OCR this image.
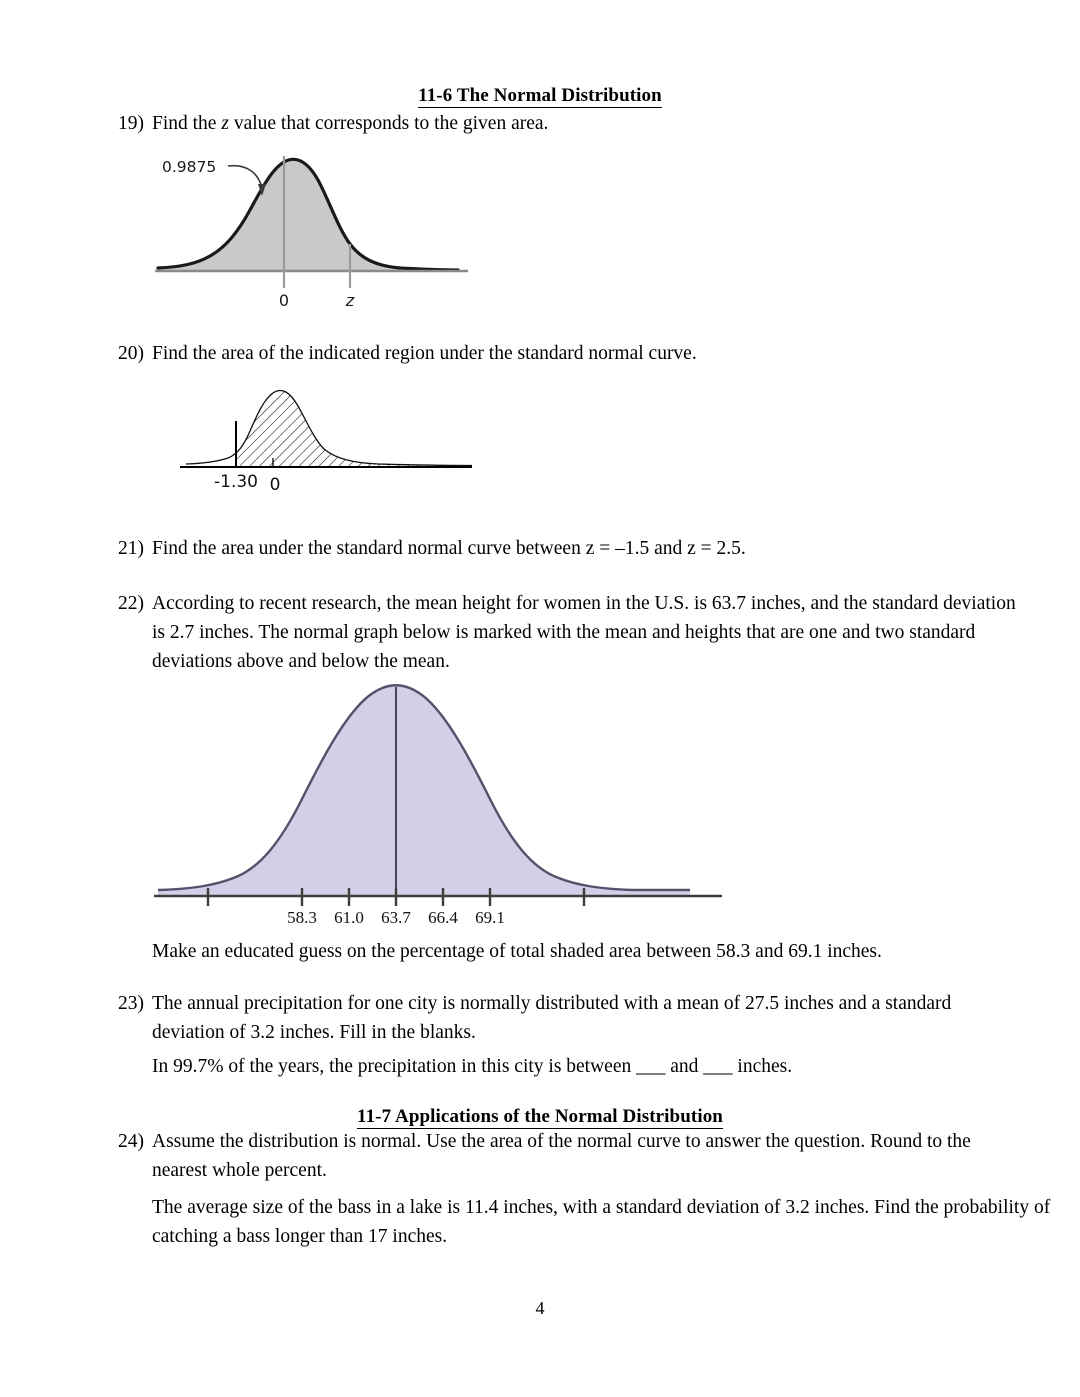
11-6 The Normal Distribution
19) Find the z value that corresponds to the given area.
0.9875
0	z
20) Find the area of the indicated region under the standard normal curve.
-1.30 0
21) Find the area under the standard normal curve between z = –1.5 and z = 2.5.
22) According to recent research, the mean height for women in the U.S. is 63.7 inches, and the standard deviation is 2.7 inches. The normal graph below is marked with the mean and heights that are one and two standard deviations above and below the mean.
58.3 61.0 63.7 66.4 69.1
Make an educated guess on the percentage of total shaded area between 58.3 and 69.1 inches.
23) The annual precipitation for one city is normally distributed with a mean of 27.5 inches and a standard deviation of 3.2 inches. Fill in the blanks.
In 99.7% of the years, the precipitation in this city is between ___ and ___ inches.
11-7 Applications of the Normal Distribution
24) Assume the distribution is normal. Use the area of the normal curve to answer the question. Round to the nearest whole percent.
The average size of the bass in a lake is 11.4 inches, with a standard deviation of 3.2 inches. Find the probability of catching a bass longer than 17 inches.
4
